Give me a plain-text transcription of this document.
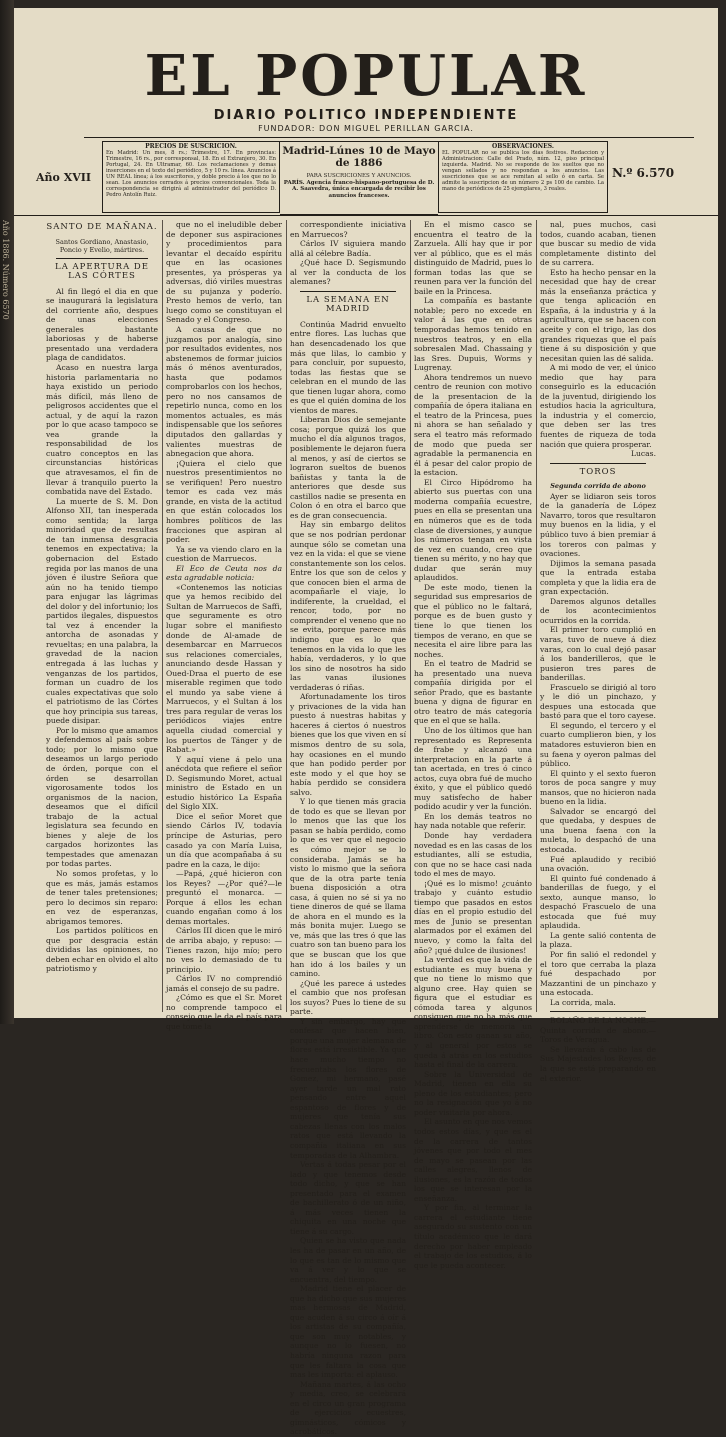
Año 1886. Número 6570
EL POPULAR
DIARIO POLITICO INDEPENDIENTE
FUNDADOR: DON MIGUEL PERILLAN GARCIA.
Año XVII
PRECIOS DE SUSCRICION.
En Madrid: Un mes, 8 rs.; Trimestre, 17. En provincias: Trimestre, 16 rs., por corresponsal, 18. En el Extranjero, 30. En Portugal, 24. En Ultramar, 60. Los reclamaciones y demas inserciones en el texto del periódico, 5 y 10 rs. línea. Anuncios á UN REAL línea; á los suscritores, y doble precio á los que no lo sean. Los anuncios cerrados á precios convencionales. Toda la correspondencia se dirigirá al administrador del periódico D. Pedro Antolín Ruiz.
Madrid-Lúnes 10 de Mayo de 1886
PARA SUSCRICIONES Y ANUNCIOS.
PARÍS. Agencia franco-hispano-portuguesa de D. A. Saavedra, única encargada de recibir los anuncios franceses.
OBSERVACIONES.
EL POPULAR no se publica los dias festivos. Redaccion y Administracion: Calle del Prado, núm. 12, piso principal izquierda. Madrid. No se responde de los sueltos que no vengan sellados y no respondan a los anuncios. Las suscriciones que se ace remitan al sello ó en carta. Se admite la suscripcion de un número 2 ps 100 de cambio. La mano de periódicos de 25 ejemplares, 3 reales.
N.º 6.570

SANTO DE MAÑANA.

Santos Gordiano, Anastasio, Poncio y Evelio, mártires.

LA APERTURA DE LAS CÓRTES

Al fin llegó el dia en que se inaugurará la legislatura del corriente año, despues de unas elecciones generales bastante laboriosas y de haberse presentado una verdadera plaga de candidatos.

Acaso en nuestra larga historia parlamentaria no haya existido un periodo más difícil, más lleno de peligrosos accidentes que el actual, y de aquí la razon por lo que acaso tampoco se vea grande la responsabilidad de los cuatro conceptos en las circunstancias históricas que atravesamos, el fin de llevar á tranquilo puerto la combatida nave del Estado.

La muerte de S. M. Don Alfonso XII, tan inesperada como sentida; la larga minoridad que de resultas de tan inmensa desgracia tenemos en expectativa; la gobernacion del Estado regida por las manos de una jóven é ilustre Señora que aún no ha tenido tiempo para enjugar las lágrimas del dolor y del infortunio; los partidos ilegales, dispuestos tal vez á encender la antorcha de asonadas y revueltas; en una palabra, la gravedad de la nacion entregada á las luchas y venganzas de los partidos, forman un cuadro de los cuales expectativas que solo el patriotismo de las Córtes que hoy principia sus tareas, puede disipar.

Por lo mismo que amamos y defendemos al país sobre todo; por lo mismo que deseamos un largo periodo de órden, porque con el órden se desarrollan vigorosamente todos los organismos de la nacion, deseamos que el difícil trabajo de la actual legislatura sea fecundo en bienes y aleje de los cargados horizontes las tempestades que amenazan por todas partes.

No somos profetas, y lo que es más, jamás estamos de tener tales pretensiones; pero lo decimos sin reparo: en vez de esperanzas, abrigamos temores.

Los partidos políticos en que por desgracia están divididas las opiniones, no deben echar en olvido el alto patriotismo y

que no el ineludible deber de deponer sus aspiraciones y procedimientos para levantar el decaído espíritu que en las ocasiones presentes, ya prósperas ya adversas, dió viriles muestras de su pujanza y poderío. Presto hemos de verlo, tan luego como se constituyan el Senado y el Congreso.

A causa de que no juzgamos por analogía, sino por resultados evidentes, nos abstenemos de formar juicios más ó ménos aventurados, hasta que podamos comprobarlos con los hechos, pero no nos cansamos de repetirlo nunca, como en los momentos actuales, es más indispensable que los señores diputados den gallardas y valientes muestras de abnegacion que ahora.

¡Quiera el cielo que nuestros presentimientos no se verifiquen! Pero nuestro temor es cada vez más grande, en vista de la actitud en que están colocados los hombres políticos de las fracciones que aspiran al poder.

Ya se va viendo claro en la cuestion de Marruecos.

El Eco de Ceuta nos da esta agradable noticia:

«Contenemos las noticias que ya hemos recibido del Sultan de Marruecos de Saffi, que seguramente es otro lugar sobre el manifiesto donde de Al-amade de desembarcar en Marruecos sus relaciones comerciales, anunciando desde Hassan y Oued-Draa el puerto de ese miserable regimen que todo el mundo ya sabe viene á Marruecos, y el Sultan á los tres para regular de veras los periódicos viajes entre aquella ciudad comercial y los puertos de Tánger y de Rabat.»

Y aquí viene á pelo una anécdota que refiere el señor D. Segismundo Moret, actual ministro de Estado en un estudio histórico La España del Siglo XIX.

Dice el señor Moret que siendo Cárlos IV, todavía príncipe de Asturias, pero casado ya con María Luisa, un día que acompañaba á su padre en la caza, le dijo:

—Papá, ¿qué hicieron con los Reyes? —¿Por qué?—le preguntó el monarca. —Porque á ellos les echan cuando engañan como á los demas mortales.

Cárlos III dicen que le miró de arriba abajo, y repuso: —Tienes razon, hijo mío; pero no ves lo demasiado de tu principio.

Cárlos IV no comprendió jamás el consejo de su padre.

¿Cómo es que el Sr. Moret no comprende tampoco el consejo que le da el país para que tome la

correspondiente iniciativa en Marruecos?

Cárlos IV siguiera mando allá al célebre Badía.

¿Qué hace D. Segismundo al ver la conducta de los alemanes?

LA SEMANA EN MADRID

Continúa Madrid envuelto entre flores. Las luchas que han desencadenado los que más que lilas, lo cambio y para concluir, por supuesto, todas las fiestas que se celebran en el mundo de las que tienen lugar ahora, como es que el quién domina de los vientos de mares.

Liberan Dios de semejante cosa; porque quizá los que mucho el día algunos tragos, posiblemente le dejaron fuera al menos, y así de ciertos se lograron sueltos de buenos bañistas y tanta la de anteriores que desde sus castillos nadie se presenta en Colon ó en otra el barco que es de gran consecuencia.

Hay sin embargo delitos que se nos podrían perdonar aunque sólo se cometan una vez en la vida: el que se viene constantemente son los celos. Entre los que son de celos y que conocen bien el arma de acompañarle el viaje, lo indiferente, la crueldad, el rencor, todo, por no comprender el veneno que no se evita, porque parece más indigno que es lo que tenemos en la vida lo que les había, verdaderos, y lo que los sino de nosotros ha sido las vanas ilusiones verdaderas ó riñas.

Afortunadamente los tiros y privaciones de la vida han puesto á nuestras habitas y haceres á ciertos ó nuestros bienes que los que viven en sí mismos dentro de su sola, hay ocasiones en el mundo que han podido perder por este modo y el que hoy se había perdido se considera salvo.

Y lo que tienen más gracia de todo es que se llevan por lo menos que las que los pasan se había perdido, como lo que es ver que el negocio es cómo mejor se lo consideraba. Jamás se ha visto lo mismo que la señora que de la otra parte tenía buena disposición a otra casa, á quien no sé si ya no tiene dineros de qué se llama de ahora en el mundo es la más bonita mujer. Luego se ve, más que las tres ó que las cuatro son tan bueno para los que se buscan que los que han ido á los bailes y un camino.

¿Qué les parece á ustedes el cambio que nos profesan los suyos? Pues lo tiene de su parte.

Y sin embargo, hay que confesar que hacen bien, porque una mujer alemana de flores está irresistible. Ya que hace mucho tiempo no frecuentaba los flores de Gomez, mi hermano, pasé ayer tarde un mal rato pensando entre aquel espantoso de flores y de mujeres que tenía sus cabezas llenas con los malos ratos que está llevando la compañía italiana en sus temporadas de la Alhambra.

Vertas á todas pesar por el lado y que tenemos desde todo dicho, y que se han presentado para el examen de bachillerato ó de un niño, á más veces tienen la chiquita en una noche que tiene á su cargo.

Quien se ha visto que nada les ha de pasar en un año, de lo que es tan de lo mismo que va á ver y lo que se encuentra, del tiempo.

Madrid tiene el placer de que ha dicho que sus mujeres mas hermosas de Madrid, que acuden á su circo á oír á los artistas de su compañía, que son muy notables, y aunque no lo fuesen, no habría ninguna razon para que les faltara la cosa que mas les importa: el aplauso.

Mañana martes, á las ocho y media, creo, se celebrará en el circo un gran programa de ejercicios ecuestres, gimnásticos, cómicos y acrobáticos.

En el mismo casco se encuentra el teatro de la Zarzuela. Allí hay que ir por ver al público, que es el más distinguido de Madrid, pues lo forman todas las que se reunen para ver la función del baile en la Princesa.

La compañía es bastante notable; pero no excede en valor á las que en otras temporadas hemos tenido en nuestros teatros, y en ella sobresalen Mad. Chassaing y las Sres. Dupuis, Worms y Lugrenay.

Ahora tendremos un nuevo centro de reunion con motivo de la presentacion de la compañía de ópera italiana en el teatro de la Princesa, pues ni ahora se han señalado y sera el teatro más reformado de modo que pueda ser agradable la permanencia en él á pesar del calor propio de la estacion.

El Circo Hipódromo ha abierto sus puertas con una moderna compañía ecuestre, pues en ella se presentan una en números que es de toda clase de diversiones, y aunque los números tengan en vista de vez en cuando, creo que tienen su mérito, y no hay que dudar que serán muy aplaudidos.

De este modo, tienen la seguridad sus empresarios de que el público no le faltará, porque es de buen gusto y tiene lo que tienen los tiempos de verano, en que se necesita el aire libre para las noches.

En el teatro de Madrid se ha presentado una nueva compañía dirigida por el señor Prado, que es bastante buena y digna de figurar en otro teatro de más categoría que en el que se halla.

Uno de los últimos que han representado es Representa de frabe y alcanzó una interpretacion en la parte á tan acertada, en tres ó cinco actos, cuya obra fué de mucho éxito, y que el público quedó muy satisfecho de haber podido acudir y ver la función.

En los demás teatros no hay nada notable que referir.

Donde hay verdadera novedad es en las casas de los estudiantes, allí se estudia, con que no se hace casi nada todo el mes de mayo.

¡Qué es lo mismo! ¿cuánto trabajo y cuánto estudio tiempo que pasados en estos días en el propio estudio del mes de Junio se presentan alarmados por el exámen del nuevo, y como la falta del año? ¡qué dulce de ilusiones!

La verdad es que la vida de estudiante es muy buena y que no tiene lo mismo que alguno cree. Hay quien se figura que el estudiar es cómoda tarea y algunos consiguen que no ha más que aprenderse de memoria un libro. Con esto ganan su año, y al general por estos se queda á atrás en los estudios hasta el final de la carrera.

Sobre la Universidad de Madrid, tienen en ella su pleno de los estudiantes; pero no la resignación que yo á no poder visitarla por ahora.

El asunto en que nos vemos todos estos días, y que es el de la carrera de tantos jóvenes que por todo el mes de mayo se pasean por las calles alegres, llenos de ilusiones, es la razón de todos los que se interesan por la enseñanza.

Y por fin, al terminar la carrera el estudiante tiene asegurado su sustento con un título académico que le dará derecho por haber empleado el trabajo de los estudios, á lo que le pueda acontecer.

nal, pues muchos, casi todos, cuando acaban, tienen que buscar su medio de vida completamente distinto del de su carrera.

Esto ha hecho pensar en la necesidad que hay de crear más la enseñanza práctica y que tenga aplicación en España, á la industria y á la agricultura, que se hacen con aceite y con el trigo, las dos grandes riquezas que el país tiene á su disposición y que necesitan quien las dé salida.

A mi modo de ver, el único medio que hay para conseguirlo es la educación de la juventud, dirigiendo los estudios hacia la agricultura, la industria y el comercio, que deben ser las tres fuentes de riqueza de toda nación que quiera prosperar.

Lucas.

TOROS

Segunda corrida de abono

Ayer se lidiaron seis toros de la ganadería de López Navarro, toros que resultaron muy buenos en la lidia, y el público tuvo á bien premiar á los toreros con palmas y ovaciones.

Dijimos la semana pasada que la entrada estaba completa y que la lidia era de gran expectación.

Daremos algunos detalles de los acontecimientos ocurridos en la corrida.

El primer toro cumplió en varas, tuvo de nueve á diez varas, con lo cual dejó pasar á los banderilleros, que le pusieron tres pares de banderillas.

Frascuelo se dirigió al toro y le dió un pinchazo, y despues una estocada que bastó para que el toro cayese.

El segundo, el tercero y el cuarto cumplieron bien, y los matadores estuvieron bien en su faena y oyeron palmas del público.

El quinto y el sexto fueron toros de poca sangre y muy mansos, que no hicieron nada bueno en la lidia.

Salvador se encargó del que quedaba, y despues de una buena faena con la muleta, lo despachó de una estocada.

Fué aplaudido y recibió una ovación.

El quinto fué condenado á banderillas de fuego, y el sexto, aunque manso, lo despachó Frascuelo de una estocada que fué muy aplaudida.

La gente salió contenta de la plaza.

Por fin salió el redondel y el toro que cerraba la plaza fué despachado por Mazzantini de un pinchazo y una estocada.

La corrida, mala.

BOLAÑO DE LA NOCHE.—Quinta corrida de abono.—Toros de Veragua.

Se llevarán á cabo las de Sus Majestades los Reyes, de la que se está preparando en el exterior.
